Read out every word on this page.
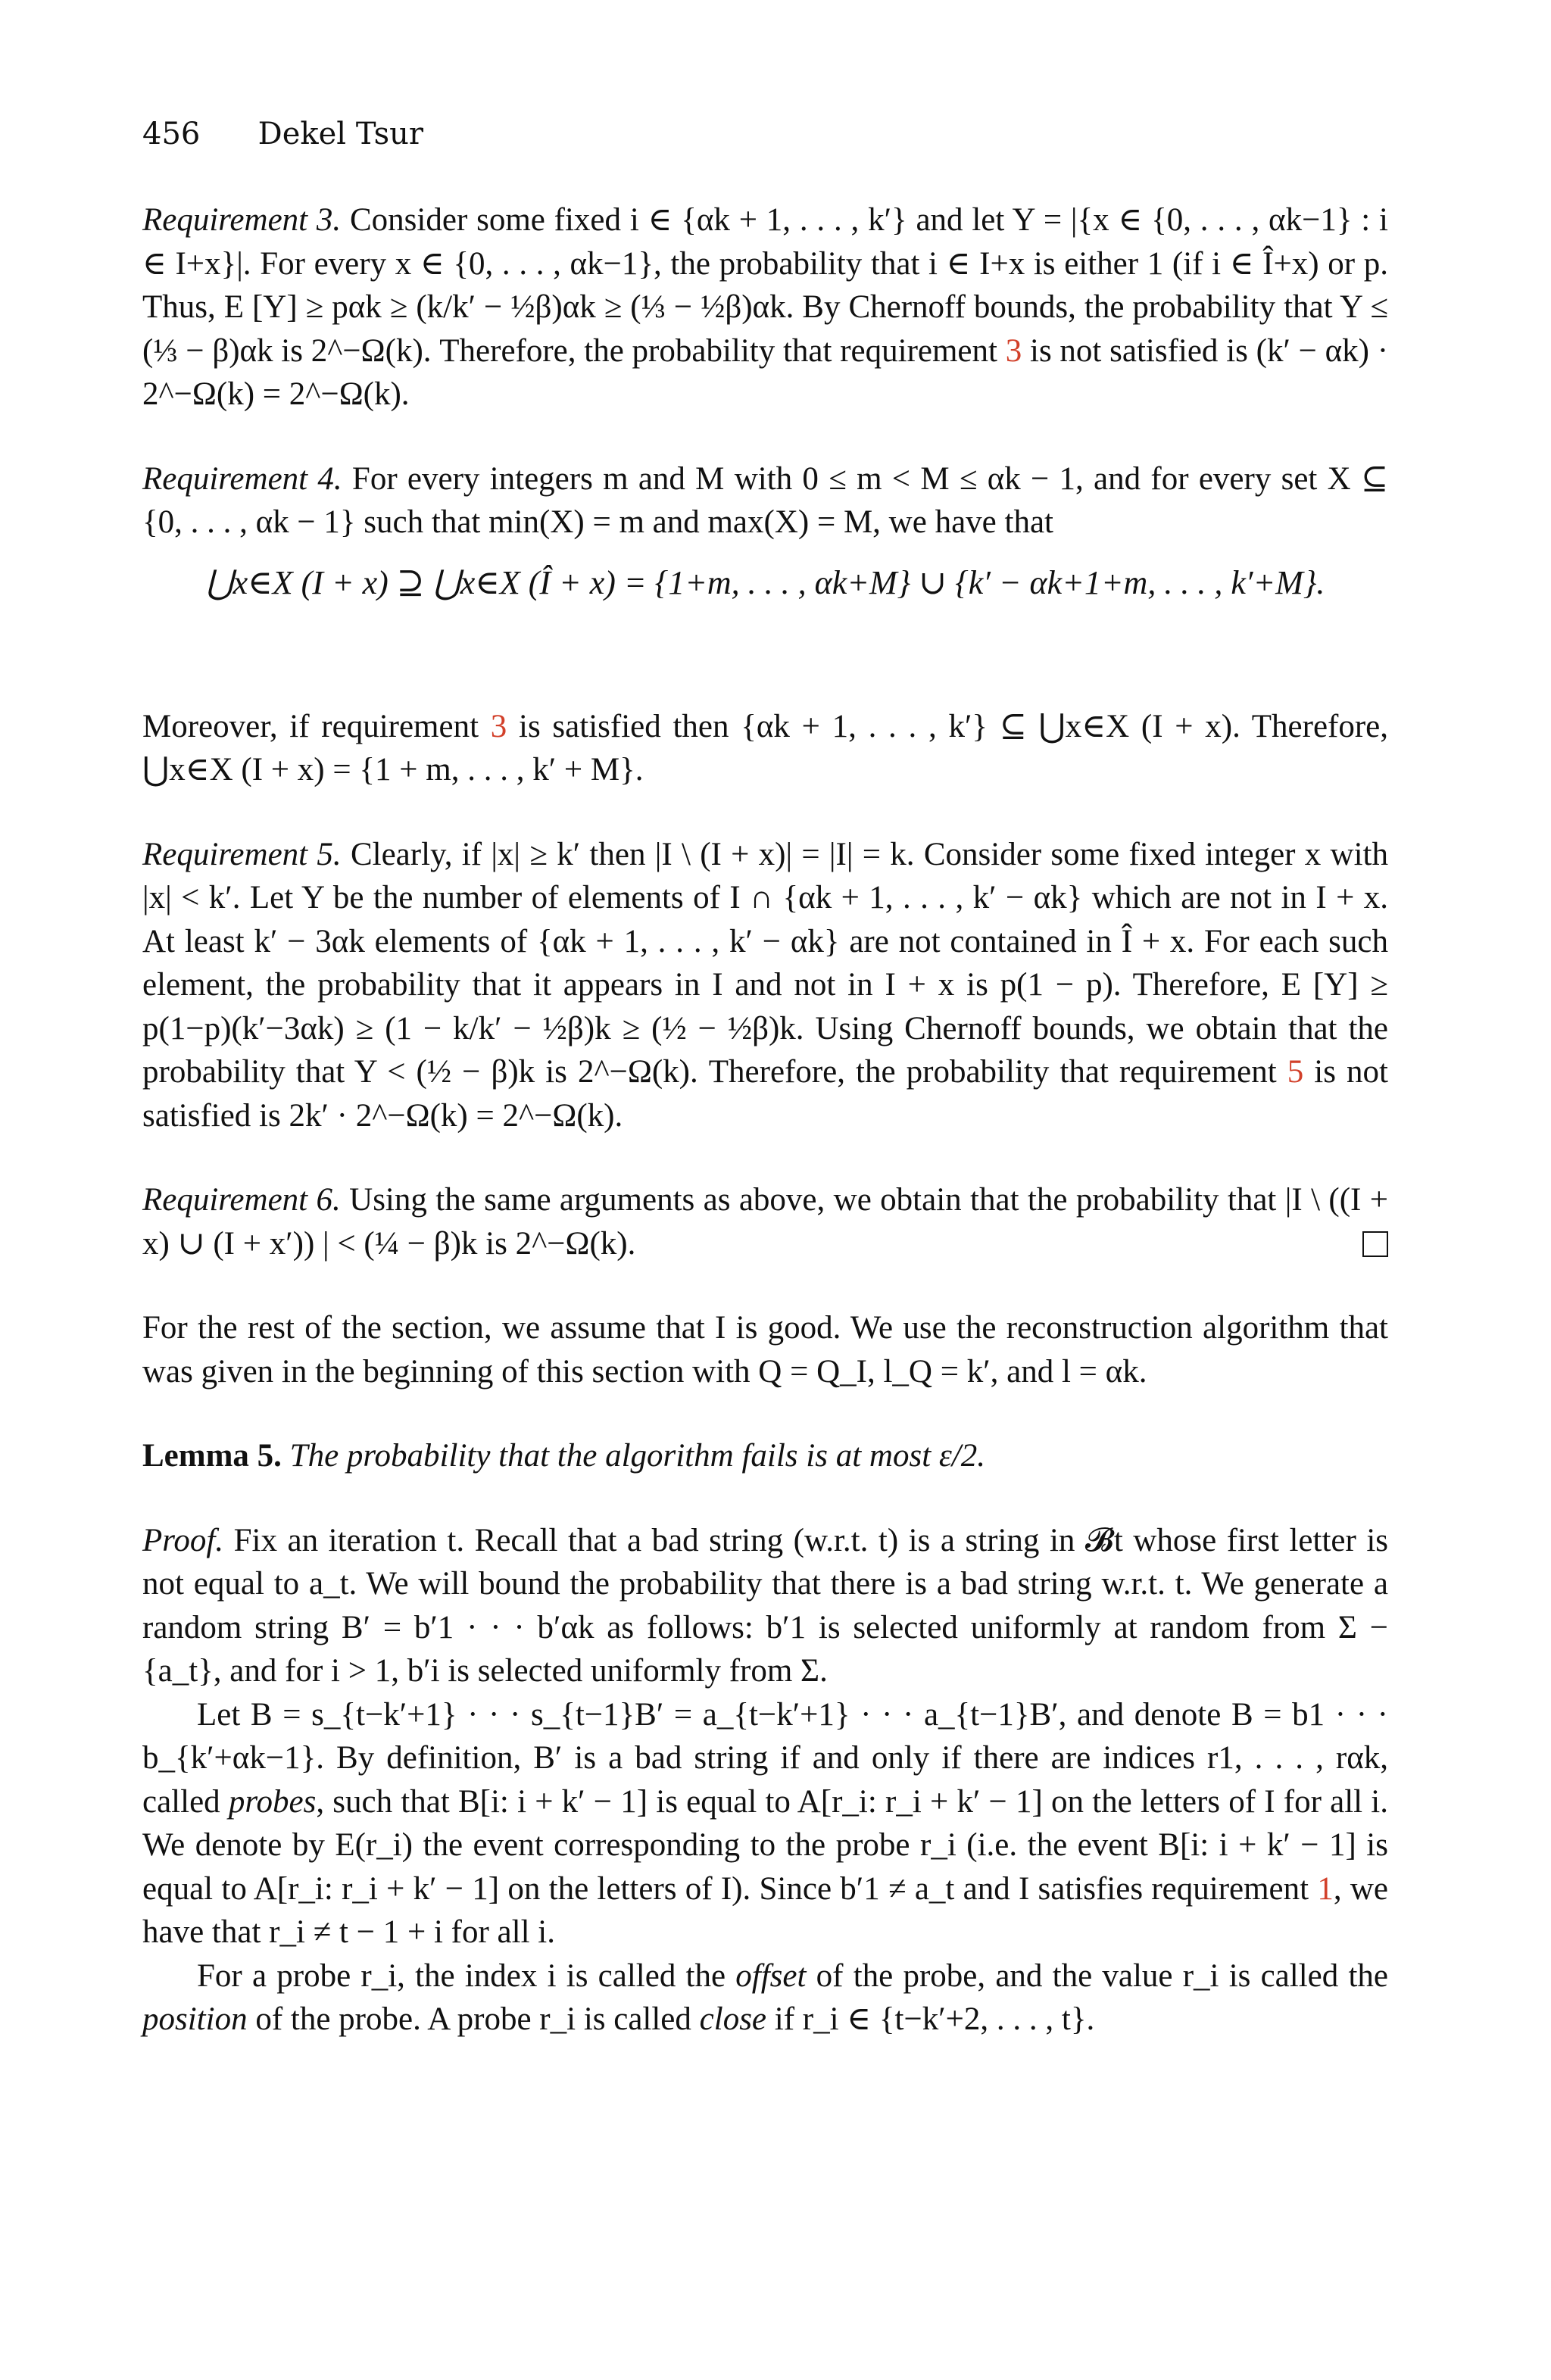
456 Dekel Tsur

Requirement 3. Consider some fixed i ∈ {αk + 1, . . . , k′} and let Y = |{x ∈ {0, . . . , αk−1} : i ∈ I+x}|. For every x ∈ {0, . . . , αk−1}, the probability that i ∈ I+x is either 1 (if i ∈ Î+x) or p. Thus, E [Y] ≥ pαk ≥ (k/k′ − ½β)αk ≥ (⅓ − ½β)αk. By Chernoff bounds, the probability that Y ≤ (⅓ − β)αk is 2^−Ω(k). Therefore, the probability that requirement 3 is not satisfied is (k′ − αk) · 2^−Ω(k) = 2^−Ω(k).

Requirement 4. For every integers m and M with 0 ≤ m < M ≤ αk − 1, and for every set X ⊆ {0, . . . , αk − 1} such that min(X) = m and max(X) = M, we have that

⋃x∈X (I + x) ⊇ ⋃x∈X (Î + x) = {1+m, . . . , αk+M} ∪ {k′ − αk+1+m, . . . , k′+M}.

Moreover, if requirement 3 is satisfied then {αk + 1, . . . , k′} ⊆ ⋃x∈X (I + x). Therefore, ⋃x∈X (I + x) = {1 + m, . . . , k′ + M}.

Requirement 5. Clearly, if |x| ≥ k′ then |I \ (I + x)| = |I| = k. Consider some fixed integer x with |x| < k′. Let Y be the number of elements of I ∩ {αk + 1, . . . , k′ − αk} which are not in I + x. At least k′ − 3αk elements of {αk + 1, . . . , k′ − αk} are not contained in Î + x. For each such element, the probability that it appears in I and not in I + x is p(1 − p). Therefore, E [Y] ≥ p(1−p)(k′−3αk) ≥ (1 − k/k′ − ½β)k ≥ (½ − ½β)k. Using Chernoff bounds, we obtain that the probability that Y < (½ − β)k is 2^−Ω(k). Therefore, the probability that requirement 5 is not satisfied is 2k′ · 2^−Ω(k) = 2^−Ω(k).

Requirement 6. Using the same arguments as above, we obtain that the probability that |I \ ((I + x) ∪ (I + x′)) | < (¼ − β)k is 2^−Ω(k).

For the rest of the section, we assume that I is good. We use the reconstruction algorithm that was given in the beginning of this section with Q = Q_I, l_Q = k′, and l = αk.

Lemma 5. The probability that the algorithm fails is at most ε/2.

Proof. Fix an iteration t. Recall that a bad string (w.r.t. t) is a string in 𝓑t whose first letter is not equal to a_t. We will bound the probability that there is a bad string w.r.t. t. We generate a random string B′ = b′1 · · · b′αk as follows: b′1 is selected uniformly at random from Σ − {a_t}, and for i > 1, b′i is selected uniformly from Σ.

Let B = s_{t−k′+1} · · · s_{t−1}B′ = a_{t−k′+1} · · · a_{t−1}B′, and denote B = b1 · · · b_{k′+αk−1}. By definition, B′ is a bad string if and only if there are indices r1, . . . , rαk, called probes, such that B[i: i + k′ − 1] is equal to A[r_i: r_i + k′ − 1] on the letters of I for all i. We denote by E(r_i) the event corresponding to the probe r_i (i.e. the event B[i: i + k′ − 1] is equal to A[r_i: r_i + k′ − 1] on the letters of I). Since b′1 ≠ a_t and I satisfies requirement 1, we have that r_i ≠ t − 1 + i for all i.

For a probe r_i, the index i is called the offset of the probe, and the value r_i is called the position of the probe. A probe r_i is called close if r_i ∈ {t−k′+2, . . . , t}.
